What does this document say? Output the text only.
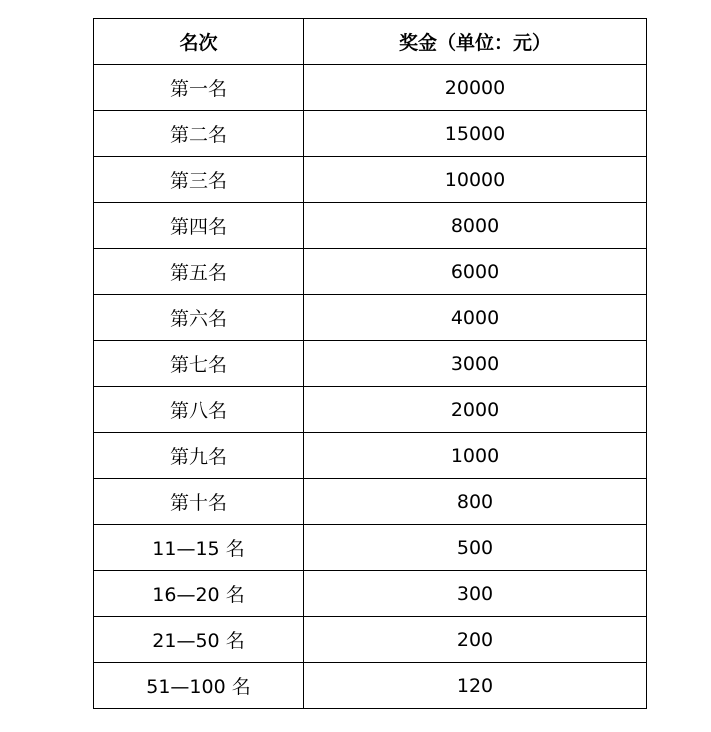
名次	奖金（单位：元）
第一名	20000
第二名	15000
第三名	10000
第四名	8000
第五名	6000
第六名	4000
第七名	3000
第八名	2000
第九名	1000
第十名	800
11—15 名	500
16—20 名	300
21—50 名	200
51—100 名	120
